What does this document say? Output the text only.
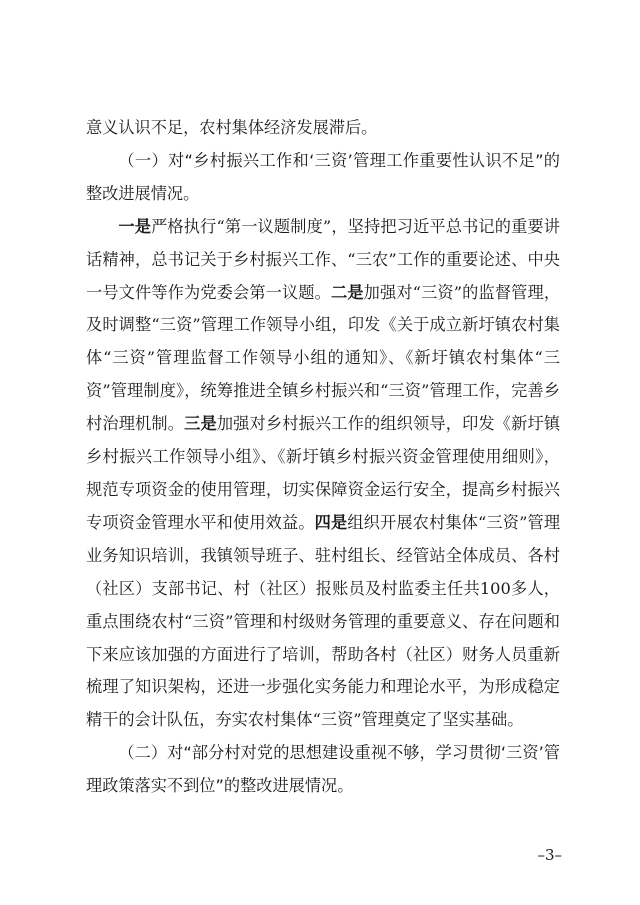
意义认识不足，农村集体经济发展滞后。

（一）对“乡村振兴工作和‘三资’管理工作重要性认识不足”的整改进展情况。

一是严格执行“第一议题制度”，坚持把习近平总书记的重要讲话精神，总书记关于乡村振兴工作、“三农”工作的重要论述、中央一号文件等作为党委会第一议题。二是加强对“三资”的监督管理，及时调整“三资”管理工作领导小组，印发《关于成立新圩镇农村集体“三资”管理监督工作领导小组的通知》、《新圩镇农村集体“三资”管理制度》，统筹推进全镇乡村振兴和“三资”管理工作，完善乡村治理机制。三是加强对乡村振兴工作的组织领导，印发《新圩镇乡村振兴工作领导小组》、《新圩镇乡村振兴资金管理使用细则》，规范专项资金的使用管理，切实保障资金运行安全，提高乡村振兴专项资金管理水平和使用效益。四是组织开展农村集体“三资”管理业务知识培训，我镇领导班子、驻村组长、经管站全体成员、各村（社区）支部书记、村（社区）报账员及村监委主任共100多人，重点围绕农村“三资”管理和村级财务管理的重要意义、存在问题和下来应该加强的方面进行了培训，帮助各村（社区）财务人员重新梳理了知识架构，还进一步强化实务能力和理论水平，为形成稳定精干的会计队伍，夯实农村集体“三资”管理奠定了坚实基础。

（二）对“部分村对党的思想建设重视不够，学习贯彻‘三资’管理政策落实不到位”的整改进展情况。

–3–
